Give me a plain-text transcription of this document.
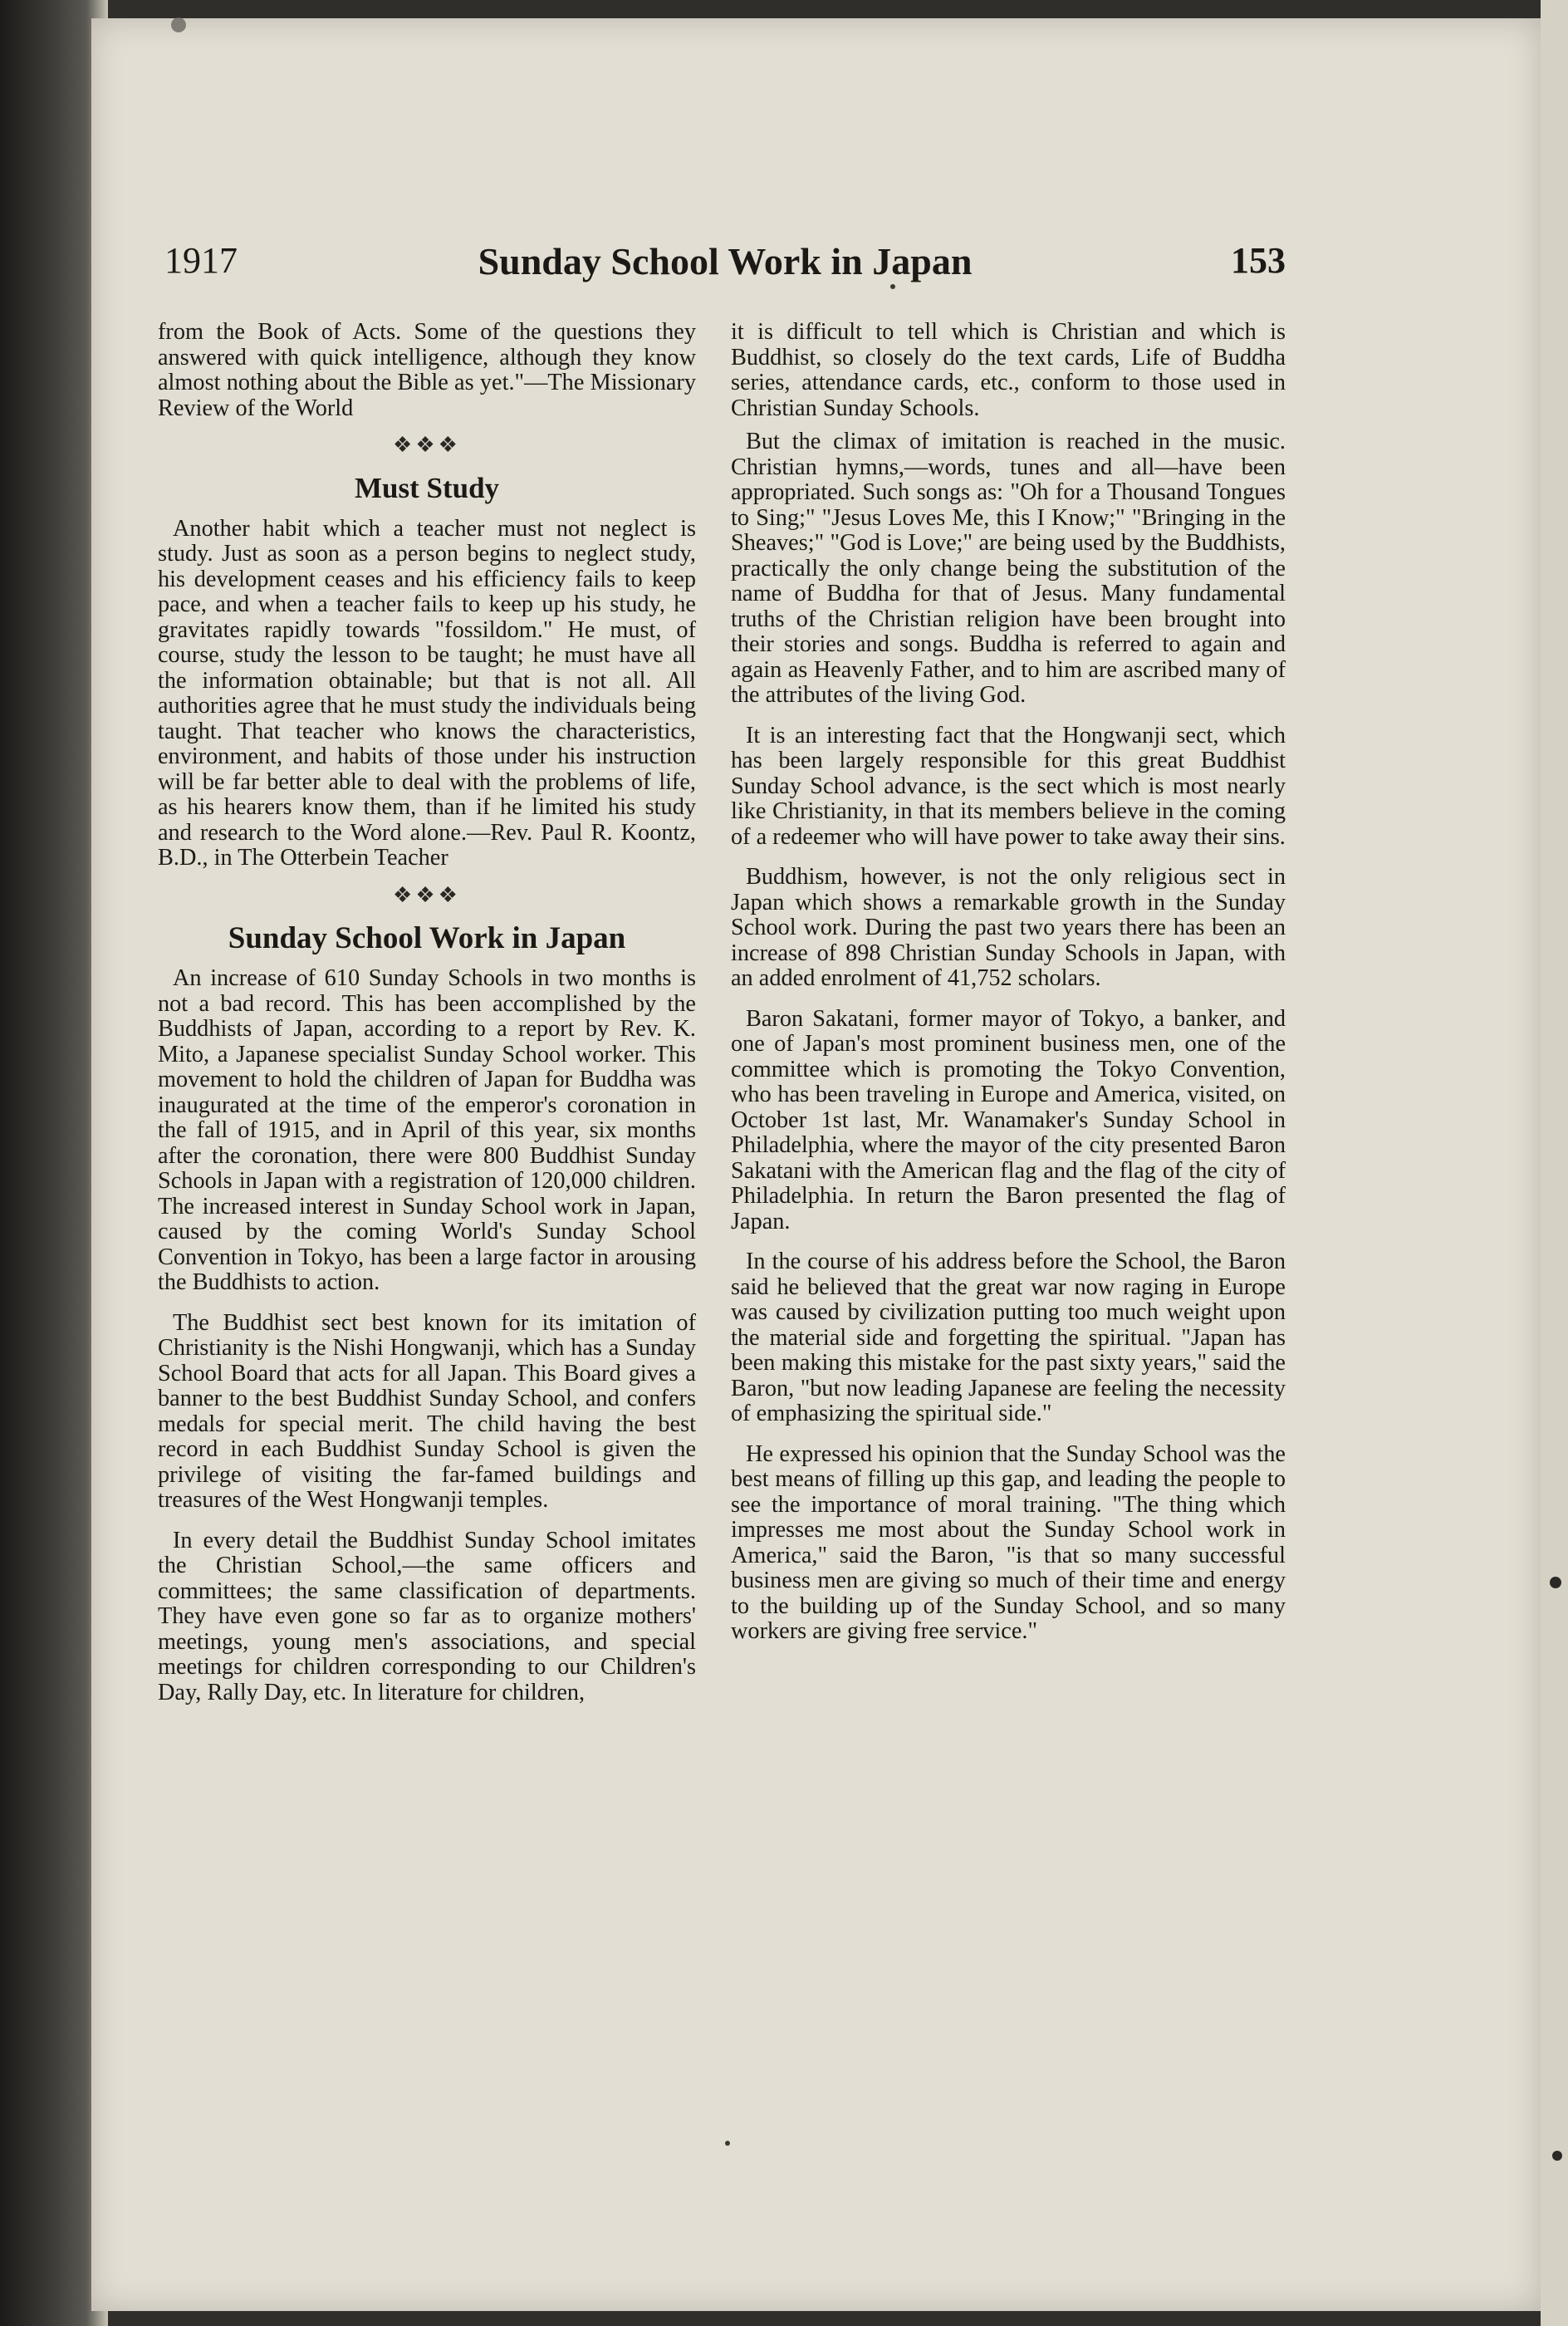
1917	Sunday School Work in Japan	153

from the Book of Acts. Some of the questions they answered with quick intelligence, although they know almost nothing about the Bible as yet."—The Missionary Review of the World

❖❖❖
Must Study

Another habit which a teacher must not neglect is study. Just as soon as a person begins to neglect study, his development ceases and his efficiency fails to keep pace, and when a teacher fails to keep up his study, he gravitates rapidly towards "fossildom." He must, of course, study the lesson to be taught; he must have all the information obtainable; but that is not all. All authorities agree that he must study the individuals being taught. That teacher who knows the characteristics, environment, and habits of those under his instruction will be far better able to deal with the problems of life, as his hearers know them, than if he limited his study and research to the Word alone.—Rev. Paul R. Koontz, B.D., in The Otterbein Teacher

❖❖❖
Sunday School Work in Japan

An increase of 610 Sunday Schools in two months is not a bad record. This has been accomplished by the Buddhists of Japan, according to a report by Rev. K. Mito, a Japanese specialist Sunday School worker. This movement to hold the children of Japan for Buddha was inaugurated at the time of the emperor's coronation in the fall of 1915, and in April of this year, six months after the coronation, there were 800 Buddhist Sunday Schools in Japan with a registration of 120,000 children. The increased interest in Sunday School work in Japan, caused by the coming World's Sunday School Convention in Tokyo, has been a large factor in arousing the Buddhists to action.

The Buddhist sect best known for its imitation of Christianity is the Nishi Hongwanji, which has a Sunday School Board that acts for all Japan. This Board gives a banner to the best Buddhist Sunday School, and confers medals for special merit. The child having the best record in each Buddhist Sunday School is given the privilege of visiting the far-famed buildings and treasures of the West Hongwanji temples.

In every detail the Buddhist Sunday School imitates the Christian School,—the same officers and committees; the same classification of departments. They have even gone so far as to organize mothers' meetings, young men's associations, and special meetings for children corresponding to our Children's Day, Rally Day, etc. In literature for children,

it is difficult to tell which is Christian and which is Buddhist, so closely do the text cards, Life of Buddha series, attendance cards, etc., conform to those used in Christian Sunday Schools.

But the climax of imitation is reached in the music. Christian hymns,—words, tunes and all—have been appropriated. Such songs as: "Oh for a Thousand Tongues to Sing;" "Jesus Loves Me, this I Know;" "Bringing in the Sheaves;" "God is Love;" are being used by the Buddhists, practically the only change being the substitution of the name of Buddha for that of Jesus. Many fundamental truths of the Christian religion have been brought into their stories and songs. Buddha is referred to again and again as Heavenly Father, and to him are ascribed many of the attributes of the living God.

It is an interesting fact that the Hongwanji sect, which has been largely responsible for this great Buddhist Sunday School advance, is the sect which is most nearly like Christianity, in that its members believe in the coming of a redeemer who will have power to take away their sins.

Buddhism, however, is not the only religious sect in Japan which shows a remarkable growth in the Sunday School work. During the past two years there has been an increase of 898 Christian Sunday Schools in Japan, with an added enrolment of 41,752 scholars.

Baron Sakatani, former mayor of Tokyo, a banker, and one of Japan's most prominent business men, one of the committee which is promoting the Tokyo Convention, who has been traveling in Europe and America, visited, on October 1st last, Mr. Wanamaker's Sunday School in Philadelphia, where the mayor of the city presented Baron Sakatani with the American flag and the flag of the city of Philadelphia. In return the Baron presented the flag of Japan.

In the course of his address before the School, the Baron said he believed that the great war now raging in Europe was caused by civilization putting too much weight upon the material side and forgetting the spiritual. "Japan has been making this mistake for the past sixty years," said the Baron, "but now leading Japanese are feeling the necessity of emphasizing the spiritual side."

He expressed his opinion that the Sunday School was the best means of filling up this gap, and leading the people to see the importance of moral training. "The thing which impresses me most about the Sunday School work in America," said the Baron, "is that so many successful business men are giving so much of their time and energy to the building up of the Sunday School, and so many workers are giving free service."
